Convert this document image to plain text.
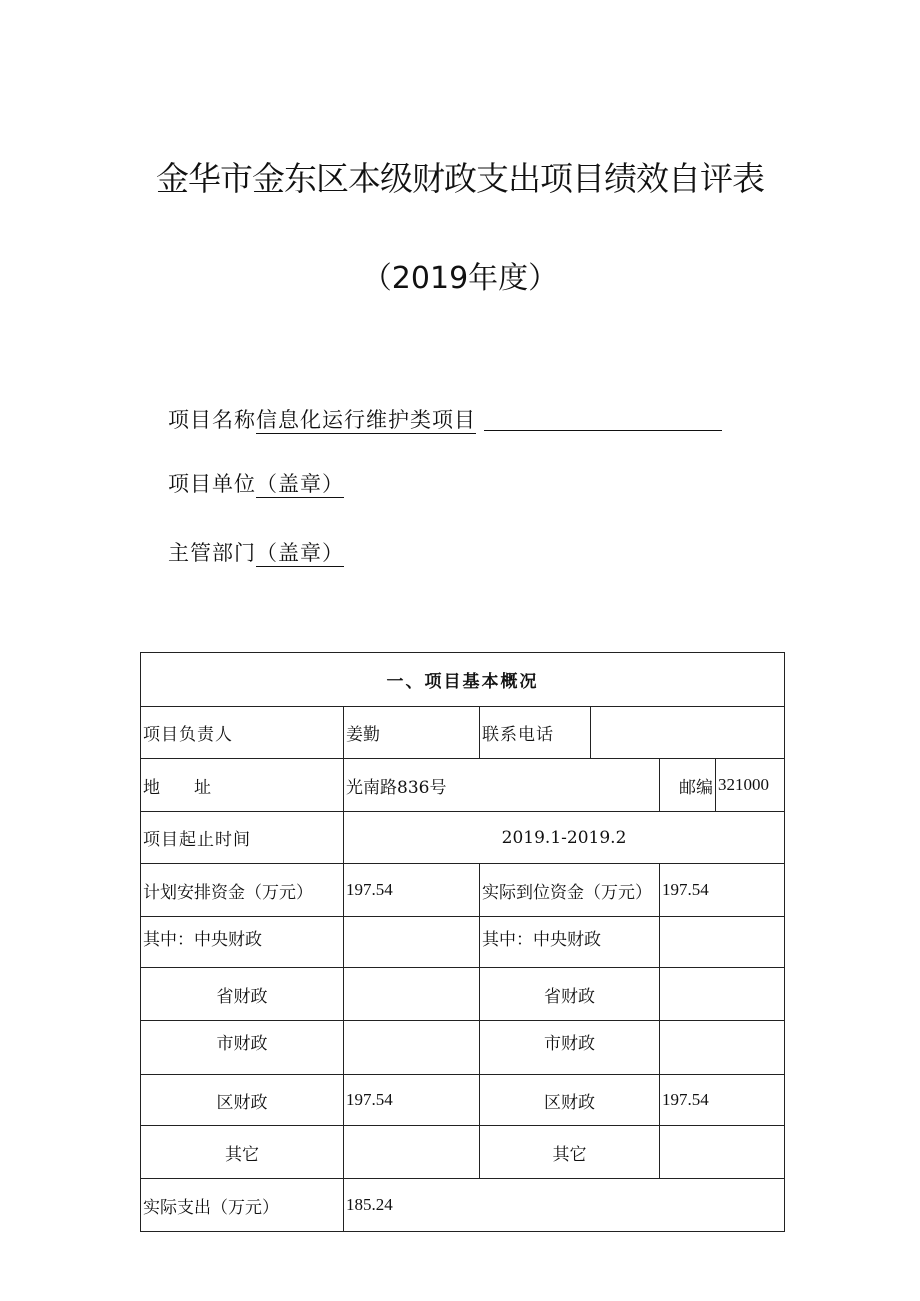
金华市金东区本级财政支出项目绩效自评表
（2019年度）
项目名称信息化运行维护类项目
项目单位（盖章）
主管部门（盖章）
一、项目基本概况					
项目负责人	姜勤	联系电话			
地　　址	光南路836号			邮编	321000
项目起止时间	2019.1-2019.2				
计划安排资金（万元）	197.54	实际到位资金（万元）		197.54	
其中：中央财政		其中：中央财政			
省财政		省财政			
市财政		市财政			
区财政	197.54	区财政		197.54	
其它		其它			
实际支出（万元）	185.24				
